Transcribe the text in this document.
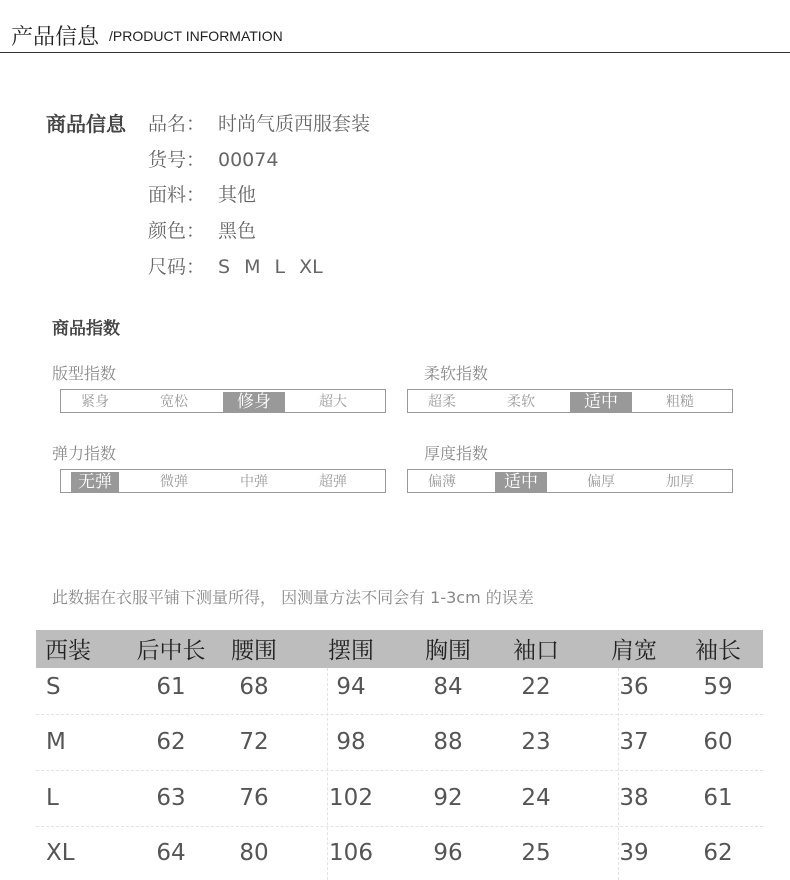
产品信息 /PRODUCT INFORMATION
商品信息 品名： 时尚气质西服套装
货号： 00074
面料： 其他
颜色： 黑色
尺码： S M L XL
商品指数
版型指数
紧身	宽松	修身	超大
柔软指数
超柔	柔软	适中	粗糙
弹力指数
无弹	微弹	中弹	超弹
厚度指数
偏薄	适中	偏厚	加厚
此数据在衣服平铺下测量所得， 因测量方法不同会有 1-3cm 的误差
西装	后中长	腰围	摆围	胸围	袖口	肩宽	袖长
S	61	68	94	84	22	36	59
M	62	72	98	88	23	37	60
L	63	76	102	92	24	38	61
XL	64	80	106	96	25	39	62
